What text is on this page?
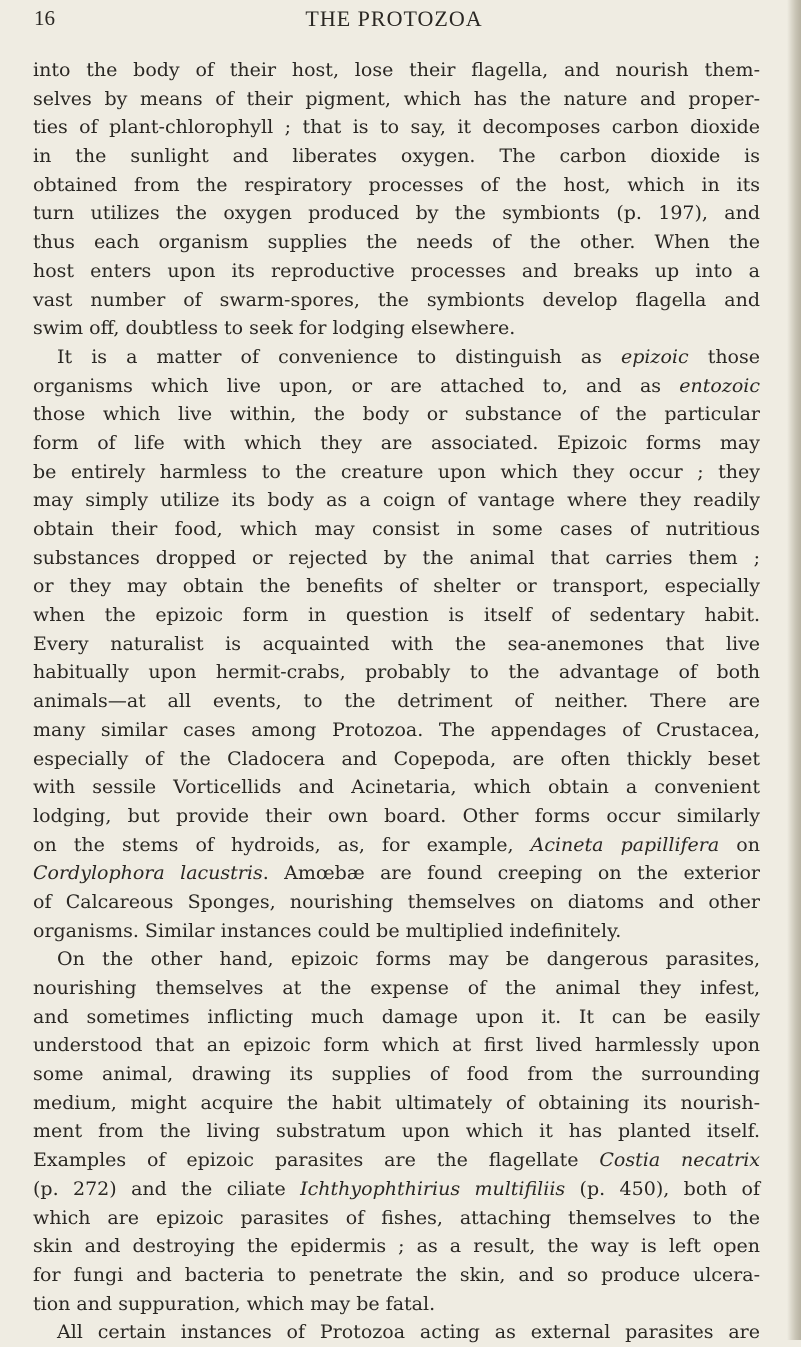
16	THE PROTOZOA
into the body of their host, lose their flagella, and nourish them-
selves by means of their pigment, which has the nature and proper-
ties of plant-chlorophyll ; that is to say, it decomposes carbon dioxide
in the sunlight and liberates oxygen. The carbon dioxide is
obtained from the respiratory processes of the host, which in its
turn utilizes the oxygen produced by the symbionts (p. 197), and
thus each organism supplies the needs of the other. When the
host enters upon its reproductive processes and breaks up into a
vast number of swarm-spores, the symbionts develop flagella and
swim off, doubtless to seek for lodging elsewhere.
It is a matter of convenience to distinguish as epizoic those
organisms which live upon, or are attached to, and as entozoic
those which live within, the body or substance of the particular
form of life with which they are associated. Epizoic forms may
be entirely harmless to the creature upon which they occur ; they
may simply utilize its body as a coign of vantage where they readily
obtain their food, which may consist in some cases of nutritious
substances dropped or rejected by the animal that carries them ;
or they may obtain the benefits of shelter or transport, especially
when the epizoic form in question is itself of sedentary habit.
Every naturalist is acquainted with the sea-anemones that live
habitually upon hermit-crabs, probably to the advantage of both
animals—at all events, to the detriment of neither. There are
many similar cases among Protozoa. The appendages of Crustacea,
especially of the Cladocera and Copepoda, are often thickly beset
with sessile Vorticellids and Acinetaria, which obtain a convenient
lodging, but provide their own board. Other forms occur similarly
on the stems of hydroids, as, for example, Acineta papillifera on
Cordylophora lacustris. Amœbæ are found creeping on the exterior
of Calcareous Sponges, nourishing themselves on diatoms and other
organisms. Similar instances could be multiplied indefinitely.
On the other hand, epizoic forms may be dangerous parasites,
nourishing themselves at the expense of the animal they infest,
and sometimes inflicting much damage upon it. It can be easily
understood that an epizoic form which at first lived harmlessly upon
some animal, drawing its supplies of food from the surrounding
medium, might acquire the habit ultimately of obtaining its nourish-
ment from the living substratum upon which it has planted itself.
Examples of epizoic parasites are the flagellate Costia necatrix
(p. 272) and the ciliate Ichthyophthirius multifiliis (p. 450), both of
which are epizoic parasites of fishes, attaching themselves to the
skin and destroying the epidermis ; as a result, the way is left open
for fungi and bacteria to penetrate the skin, and so produce ulcera-
tion and suppuration, which may be fatal.
All certain instances of Protozoa acting as external parasites are
